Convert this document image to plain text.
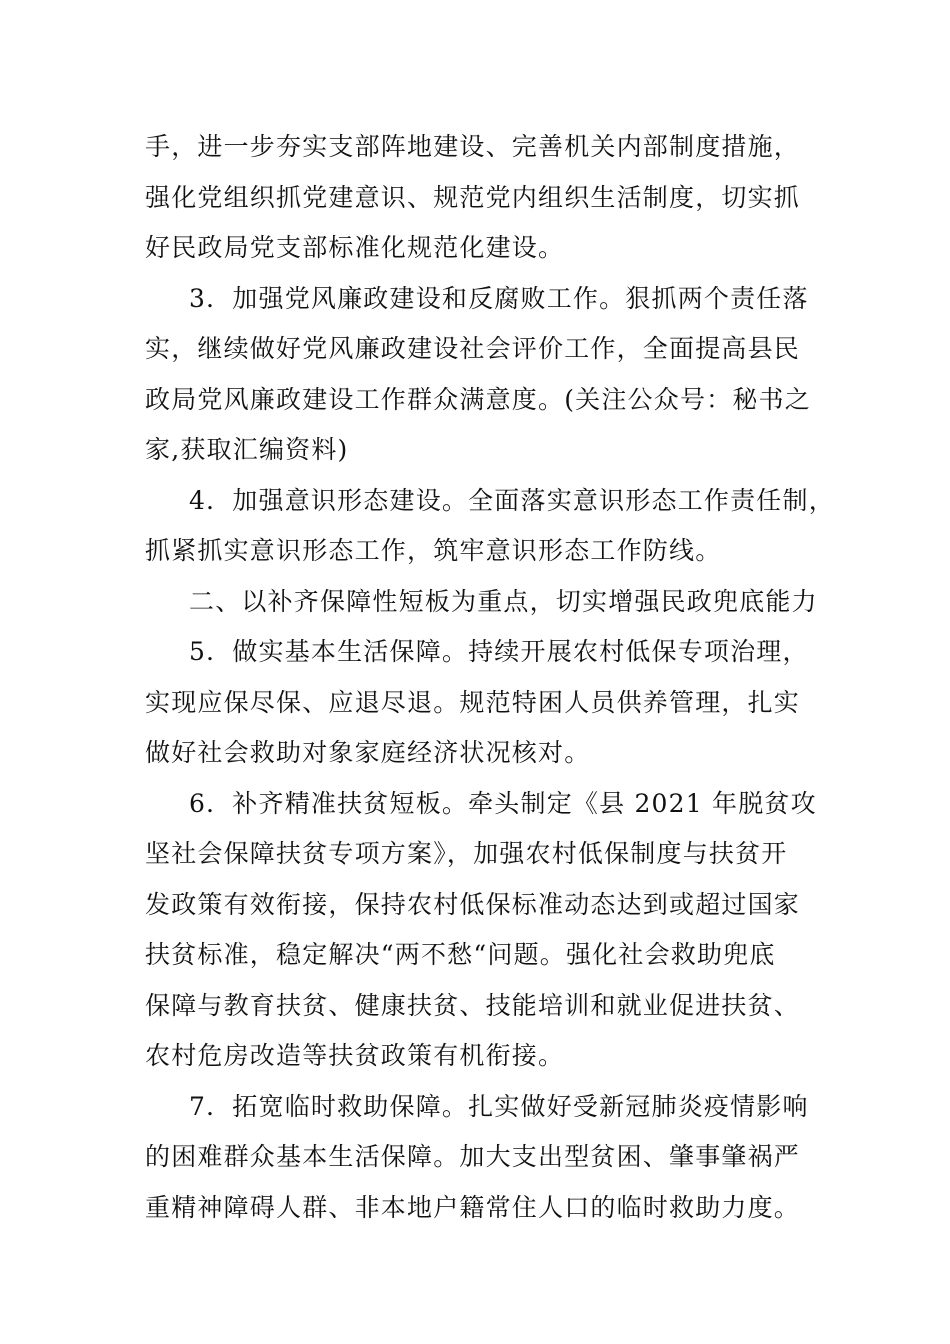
手，进一步夯实支部阵地建设、完善机关内部制度措施，
强化党组织抓党建意识、规范党内组织生活制度，切实抓
好民政局党支部标准化规范化建设。
3．加强党风廉政建设和反腐败工作。狠抓两个责任落
实，继续做好党风廉政建设社会评价工作，全面提高县民
政局党风廉政建设工作群众满意度。(关注公众号：秘书之
家,获取汇编资料)
4．加强意识形态建设。全面落实意识形态工作责任制，
抓紧抓实意识形态工作，筑牢意识形态工作防线。
二、以补齐保障性短板为重点，切实增强民政兜底能力
5．做实基本生活保障。持续开展农村低保专项治理，
实现应保尽保、应退尽退。规范特困人员供养管理，扎实
做好社会救助对象家庭经济状况核对。
6．补齐精准扶贫短板。牵头制定《县 2021 年脱贫攻
坚社会保障扶贫专项方案》，加强农村低保制度与扶贫开
发政策有效衔接，保持农村低保标准动态达到或超过国家
扶贫标准，稳定解决“两不愁“问题。强化社会救助兜底
保障与教育扶贫、健康扶贫、技能培训和就业促进扶贫、
农村危房改造等扶贫政策有机衔接。
7．拓宽临时救助保障。扎实做好受新冠肺炎疫情影响
的困难群众基本生活保障。加大支出型贫困、肇事肇祸严
重精神障碍人群、非本地户籍常住人口的临时救助力度。
